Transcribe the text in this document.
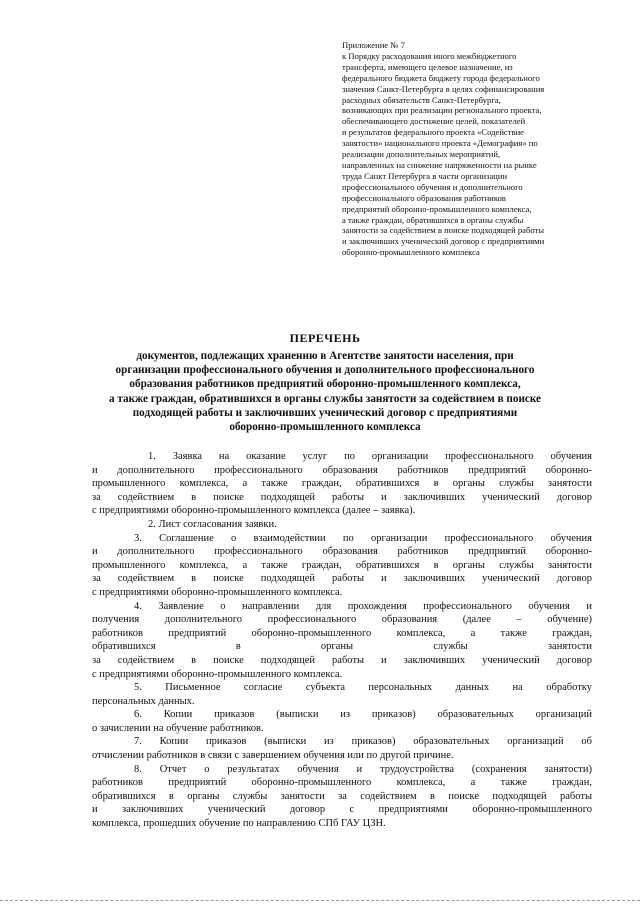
Приложение № 7
к Порядку расходования иного межбюджетного
трансферта, имеющего целевое назначение, из
федерального бюджета бюджету города федерального
значения Санкт-Петербурга в целях софинансирования
расходных обязательств Санкт-Петербурга,
возникающих при реализации регионального проекта,
обеспечивающего достижение целей, показателей
и результатов федерального проекта «Содействие
занятости» национального проекта «Демография» по
реализации дополнительных мероприятий,
направленных на снижение напряженности на рынке
труда Санкт Петербурга в части организации
профессионального обучения и дополнительного
профессионального образования работников
предприятий оборонно-промышленного комплекса,
а также граждан, обратившихся в органы службы
занятости за содействием в поиске подходящей работы
и заключивших ученический договор с предприятиями
оборонно-промышленного комплекса
ПЕРЕЧЕНЬ
документов, подлежащих хранению в Агентстве занятости населения, при
организации профессионального обучения и дополнительного профессионального
образования работников предприятий оборонно-промышленного комплекса,
а также граждан, обратившихся в органы службы занятости за содействием в поиске
подходящей работы и заключивших ученический договор с предприятиями
оборонно-промышленного комплекса
1. Заявка на оказание услуг по организации профессионального обучения
и дополнительного профессионального образования работников предприятий оборонно-
промышленного комплекса, а также граждан, обратившихся в органы службы занятости
за содействием в поиске подходящей работы и заключивших ученический договор
с предприятиями оборонно-промышленного комплекса (далее – заявка).
2. Лист согласования заявки.
3. Соглашение о взаимодействии по организации профессионального обучения
и дополнительного профессионального образования работников предприятий оборонно-
промышленного комплекса, а также граждан, обратившихся в органы службы занятости
за содействием в поиске подходящей работы и заключивших ученический договор
с предприятиями оборонно-промышленного комплекса.
4. Заявление о направлении для прохождения профессионального обучения и
получения дополнительного профессионального образования (далее – обучение)
работников предприятий оборонно-промышленного комплекса, а также граждан,
обратившихся в органы службы занятости
за содействием в поиске подходящей работы и заключивших ученический договор
с предприятиями оборонно-промышленного комплекса.
5. Письменное согласие субъекта персональных данных на обработку
персональных данных.
6. Копии приказов (выписки из приказов) образовательных организаций
о зачислении на обучение работников.
7. Копии приказов (выписки из приказов) образовательных организаций об
отчислении работников в связи с завершением обучения или по другой причине.
8. Отчет о результатах обучения и трудоустройства (сохранения занятости)
работников предприятий оборонно-промышленного комплекса, а также граждан,
обратившихся в органы службы занятости за содействием в поиске подходящей работы
и заключивших ученический договор с предприятиями оборонно-промышленного
комплекса, прошедших обучение по направлению СПб ГАУ ЦЗН.
